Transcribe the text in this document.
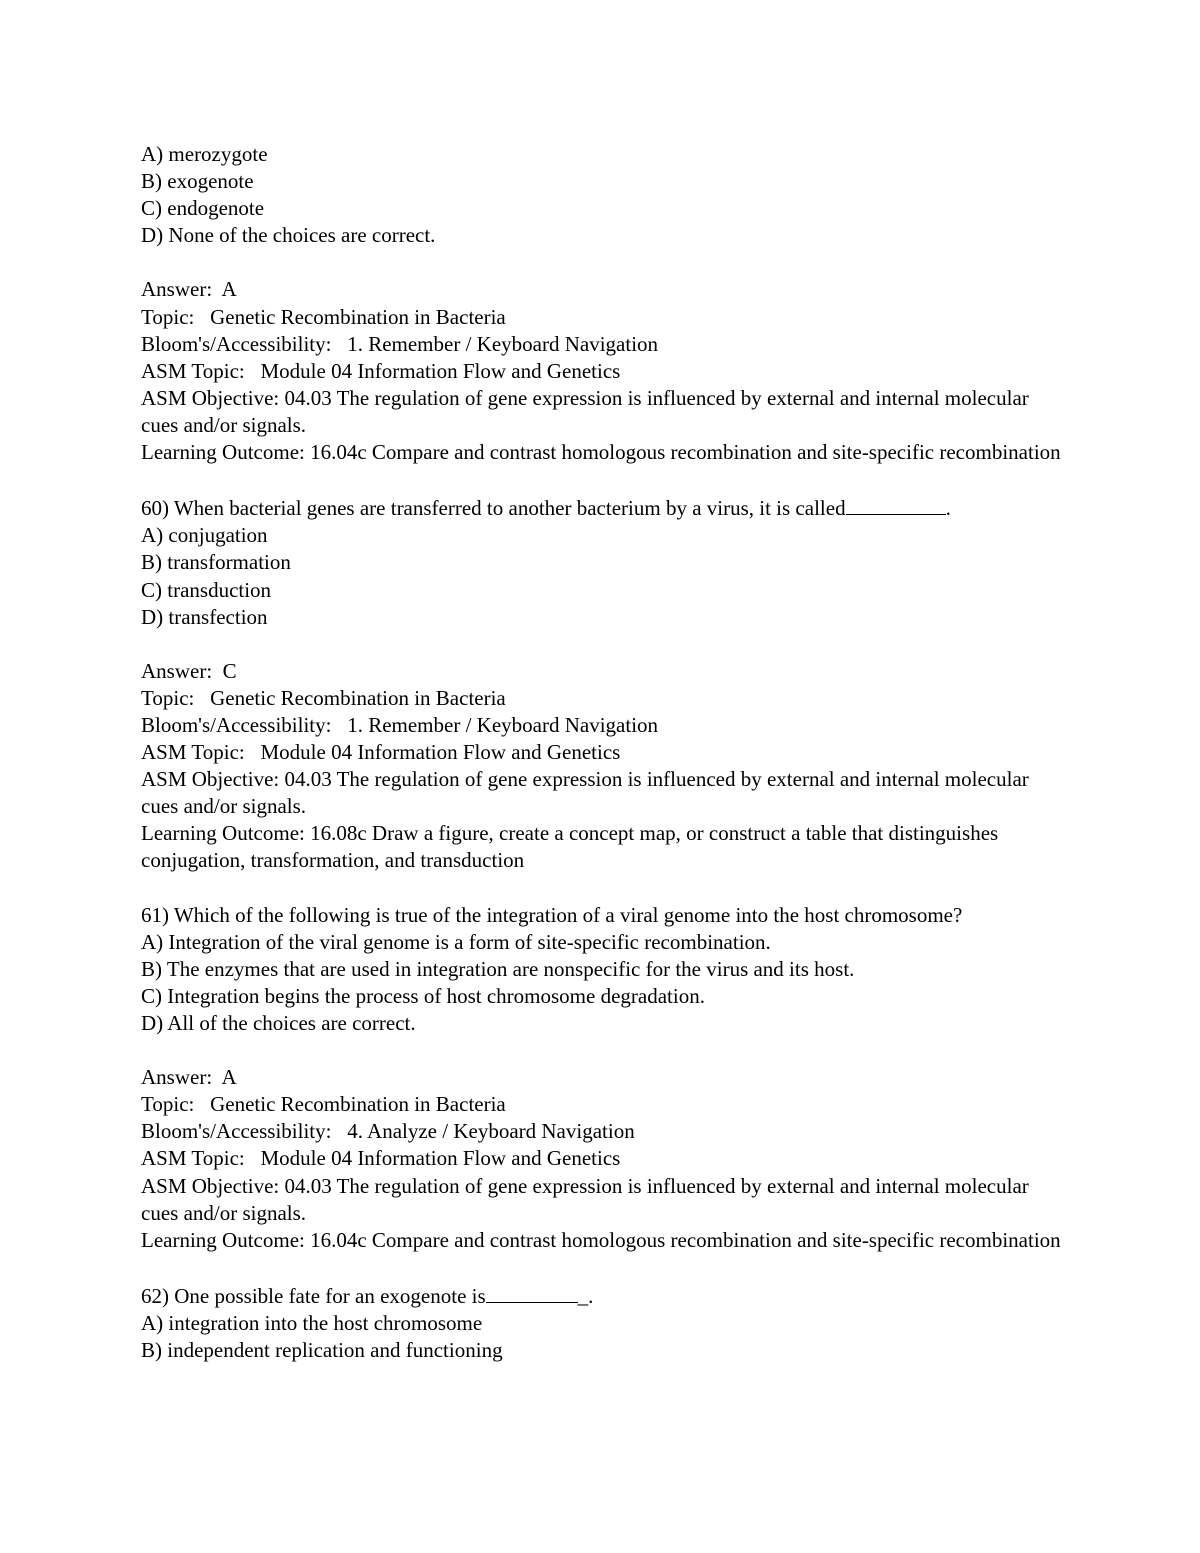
A) merozygote
B) exogenote
C) endogenote
D) None of the choices are correct.
Answer:  A
Topic:   Genetic Recombination in Bacteria
Bloom's/Accessibility:   1. Remember / Keyboard Navigation
ASM Topic:   Module 04 Information Flow and Genetics
ASM Objective: 04.03 The regulation of gene expression is influenced by external and internal molecular cues and/or signals.
Learning Outcome: 16.04c Compare and contrast homologous recombination and site-specific recombination
60) When bacterial genes are transferred to another bacterium by a virus, it is called	.
A) conjugation
B) transformation
C) transduction
D) transfection
Answer:  C
Topic:   Genetic Recombination in Bacteria
Bloom's/Accessibility:   1. Remember / Keyboard Navigation
ASM Topic:   Module 04 Information Flow and Genetics
ASM Objective: 04.03 The regulation of gene expression is influenced by external and internal molecular cues and/or signals.
Learning Outcome: 16.08c Draw a figure, create a concept map, or construct a table that distinguishes conjugation, transformation, and transduction
61) Which of the following is true of the integration of a viral genome into the host chromosome?
A) Integration of the viral genome is a form of site-specific recombination.
B) The enzymes that are used in integration are nonspecific for the virus and its host.
C) Integration begins the process of host chromosome degradation.
D) All of the choices are correct.
Answer:  A
Topic:   Genetic Recombination in Bacteria
Bloom's/Accessibility:   4. Analyze / Keyboard Navigation
ASM Topic:   Module 04 Information Flow and Genetics
ASM Objective: 04.03 The regulation of gene expression is influenced by external and internal molecular cues and/or signals.
Learning Outcome: 16.04c Compare and contrast homologous recombination and site-specific recombination
62) One possible fate for an exogenote is	_.
A) integration into the host chromosome
B) independent replication and functioning
